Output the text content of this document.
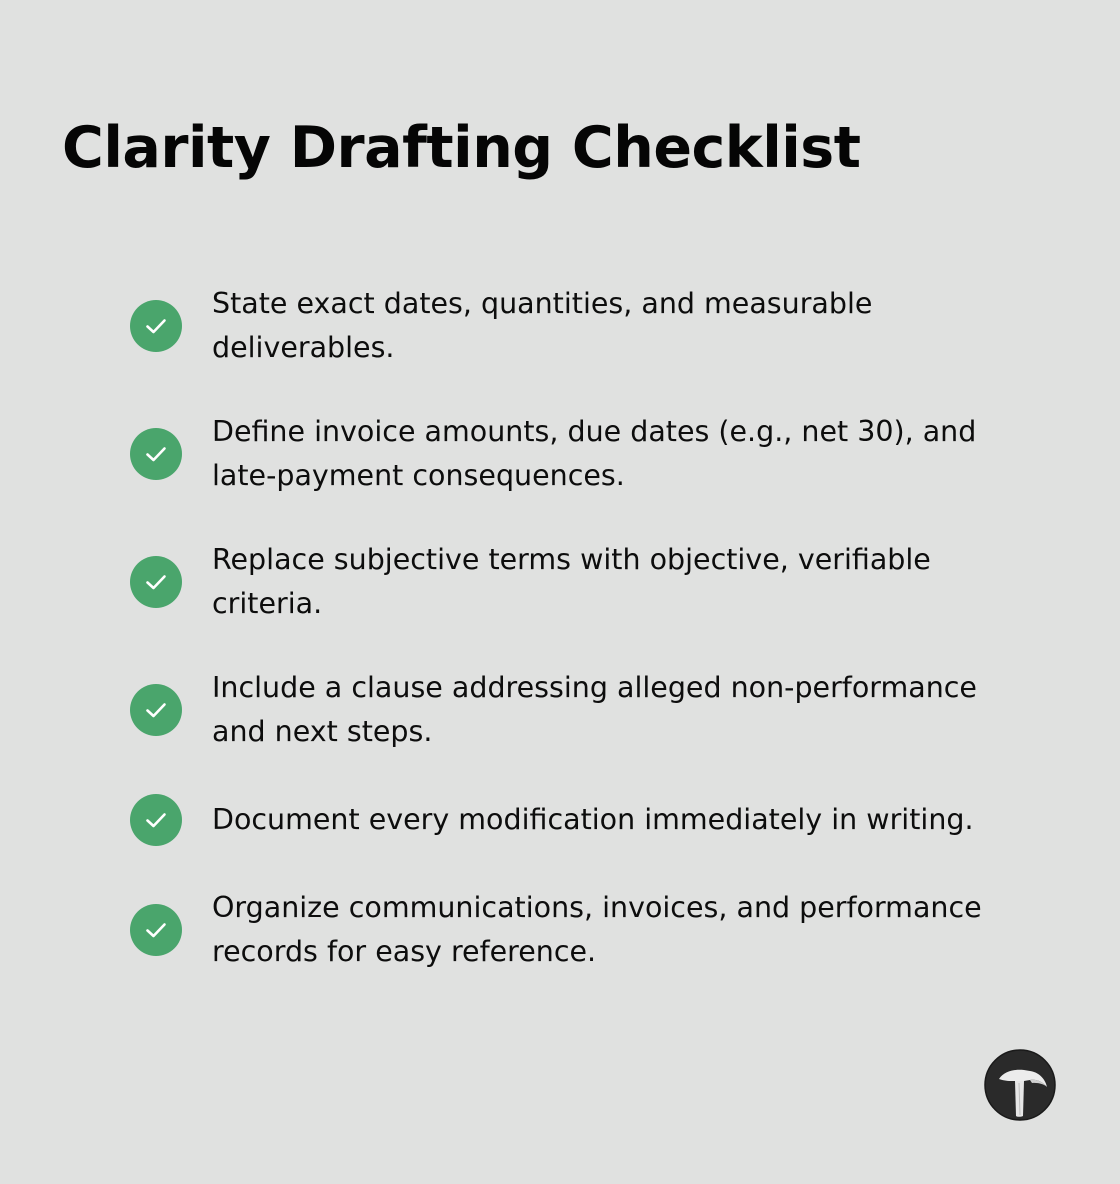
Clarity Drafting Checklist

State exact dates, quantities, and measurable deliverables.

Define invoice amounts, due dates (e.g., net 30), and late-payment consequences.

Replace subjective terms with objective, verifiable criteria.

Include a clause addressing alleged non-performance and next steps.

Document every modification immediately in writing.

Organize communications, invoices, and performance records for easy reference.
